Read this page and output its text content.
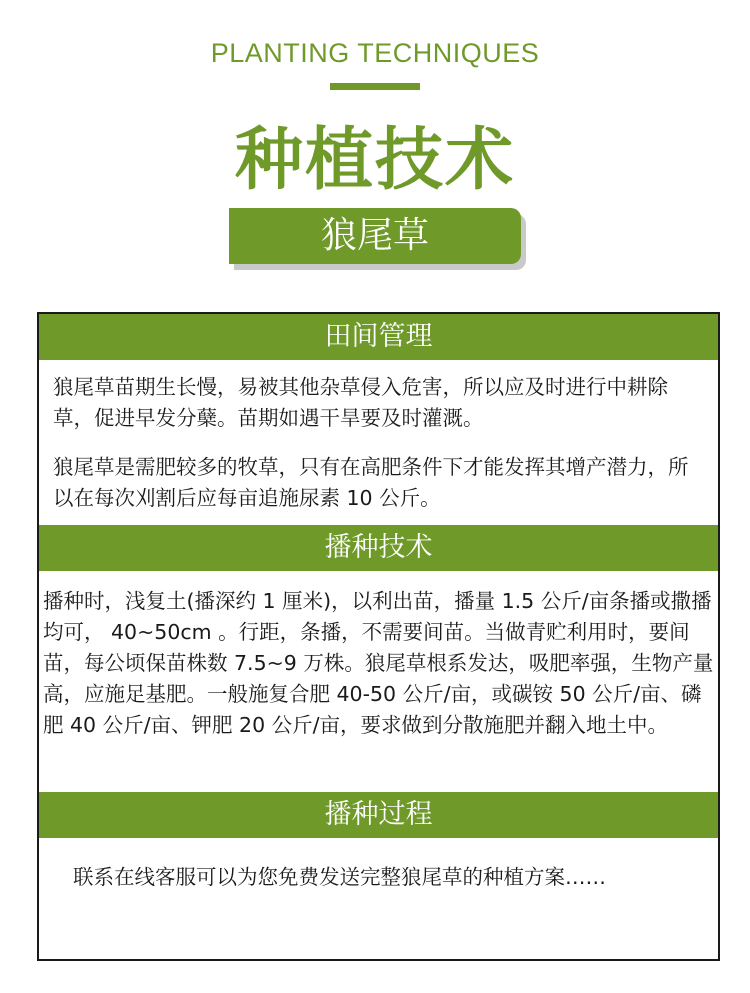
PLANTING TECHNIQUES
种植技术
狼尾草
田间管理
狼尾草苗期生长慢，易被其他杂草侵入危害，所以应及时进行中耕除草，促进早发分蘖。苗期如遇干旱要及时灌溉。
狼尾草是需肥较多的牧草，只有在高肥条件下才能发挥其增产潜力，所以在每次刈割后应每亩追施尿素 10 公斤。
播种技术
播种时，浅复土(播深约 1 厘米)，以利出苗，播量 1.5 公斤/亩条播或撒播均可， 40~50cm 。行距，条播，不需要间苗。当做青贮利用时，要间苗，每公顷保苗株数 7.5~9 万株。狼尾草根系发达，吸肥率强，生物产量高，应施足基肥。一般施复合肥 40-50 公斤/亩，或碳铵 50 公斤/亩、磷肥 40 公斤/亩、钾肥 20 公斤/亩，要求做到分散施肥并翻入地土中。
播种过程
联系在线客服可以为您免费发送完整狼尾草的种植方案……
